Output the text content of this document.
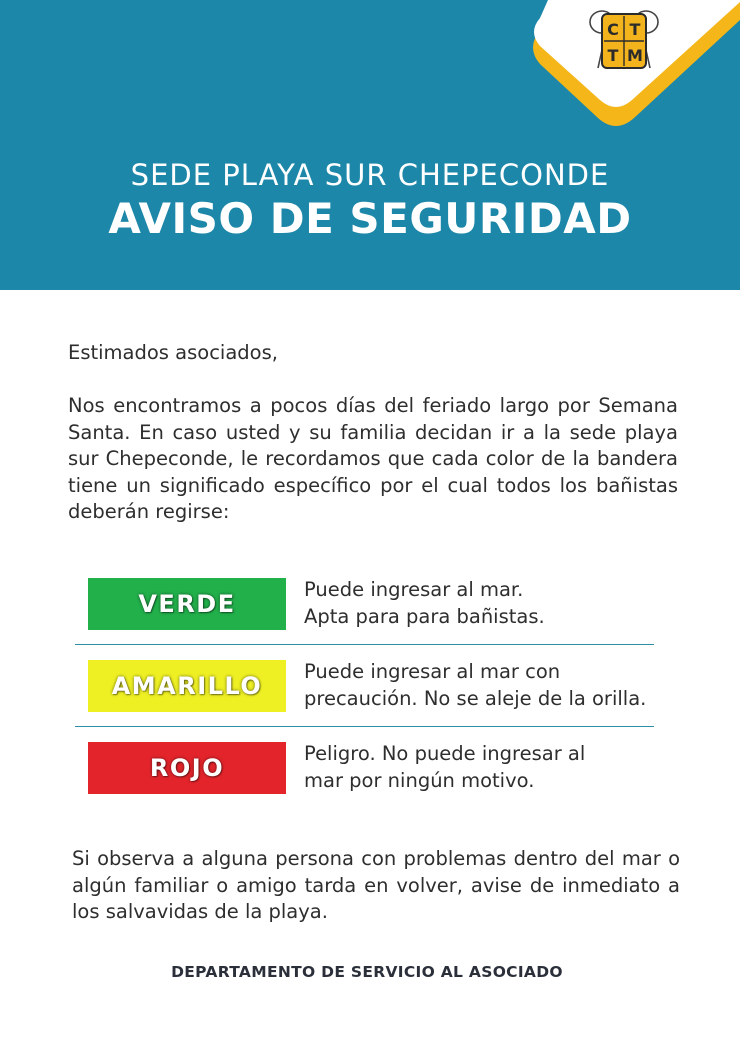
C T
T M
SEDE PLAYA SUR CHEPECONDE
AVISO DE SEGURIDAD
Estimados asociados,
Nos encontramos a pocos días del feriado largo por Semana Santa. En caso usted y su familia decidan ir a la sede playa sur Chepeconde, le recordamos que cada color de la bandera tiene un significado específico por el cual todos los bañistas deberán regirse:
VERDE
Puede ingresar al mar.
Apta para para bañistas.
AMARILLO
Puede ingresar al mar con
precaución. No se aleje de la orilla.
ROJO
Peligro. No puede ingresar al
mar por ningún motivo.
Si observa a alguna persona con problemas dentro del mar o algún familiar o amigo tarda en volver, avise de inmediato a los salvavidas de la playa.
DEPARTAMENTO DE SERVICIO AL ASOCIADO
